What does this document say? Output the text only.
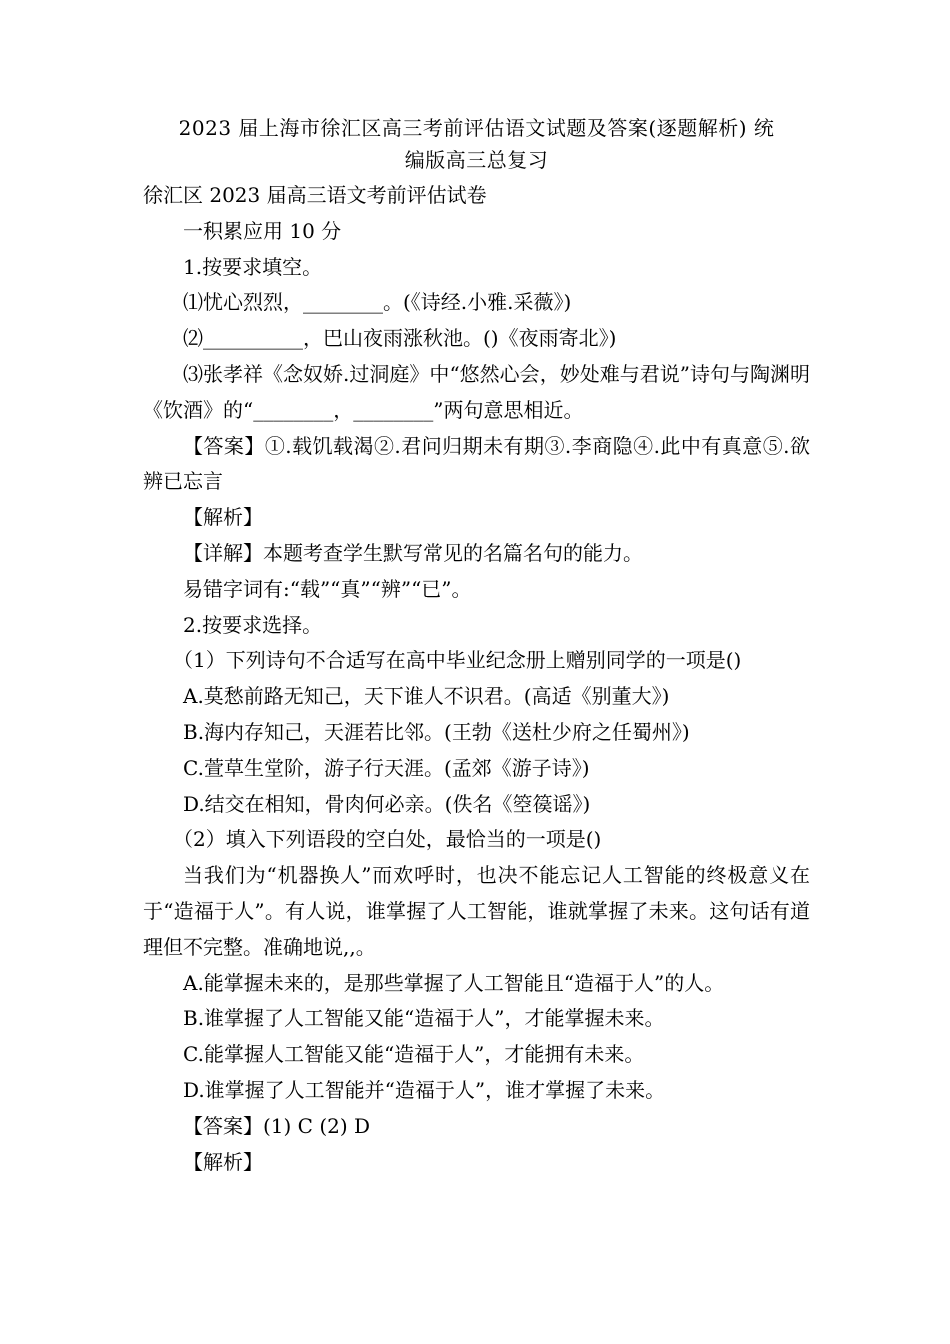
2023 届上海市徐汇区高三考前评估语文试题及答案(逐题解析) 统

编版高三总复习

徐汇区 2023 届高三语文考前评估试卷

一积累应用 10 分

1.按要求填空。

⑴忧心烈烈，________。(《诗经.小雅.采薇》)

⑵__________，巴山夜雨涨秋池。()《夜雨寄北》)

⑶张孝祥《念奴娇.过洞庭》中“悠然心会，妙处难与君说”诗句与陶渊明《饮酒》的“________，________”两句意思相近。

【答案】①.载饥载渴②.君问归期未有期③.李商隐④.此中有真意⑤.欲辨已忘言

【解析】

【详解】本题考查学生默写常见的名篇名句的能力。

易错字词有:“载”“真”“辨”“已”。

2.按要求选择。

（1）下列诗句不合适写在高中毕业纪念册上赠别同学的一项是()

A.莫愁前路无知己，天下谁人不识君。(高适《别董大》)

B.海内存知己，天涯若比邻。(王勃《送杜少府之任蜀州》)

C.萱草生堂阶，游子行天涯。(孟郊《游子诗》)

D.结交在相知，骨肉何必亲。(佚名《箜篌谣》)

（2）填入下列语段的空白处，最恰当的一项是()

当我们为“机器换人”而欢呼时，也决不能忘记人工智能的终极意义在于“造福于人”。有人说，谁掌握了人工智能，谁就掌握了未来。这句话有道理但不完整。准确地说,,。

A.能掌握未来的，是那些掌握了人工智能且“造福于人”的人。

B.谁掌握了人工智能又能“造福于人”，才能掌握未来。

C.能掌握人工智能又能“造福于人”，才能拥有未来。

D.谁掌握了人工智能并“造福于人”，谁才掌握了未来。

【答案】(1) C (2) D

【解析】
